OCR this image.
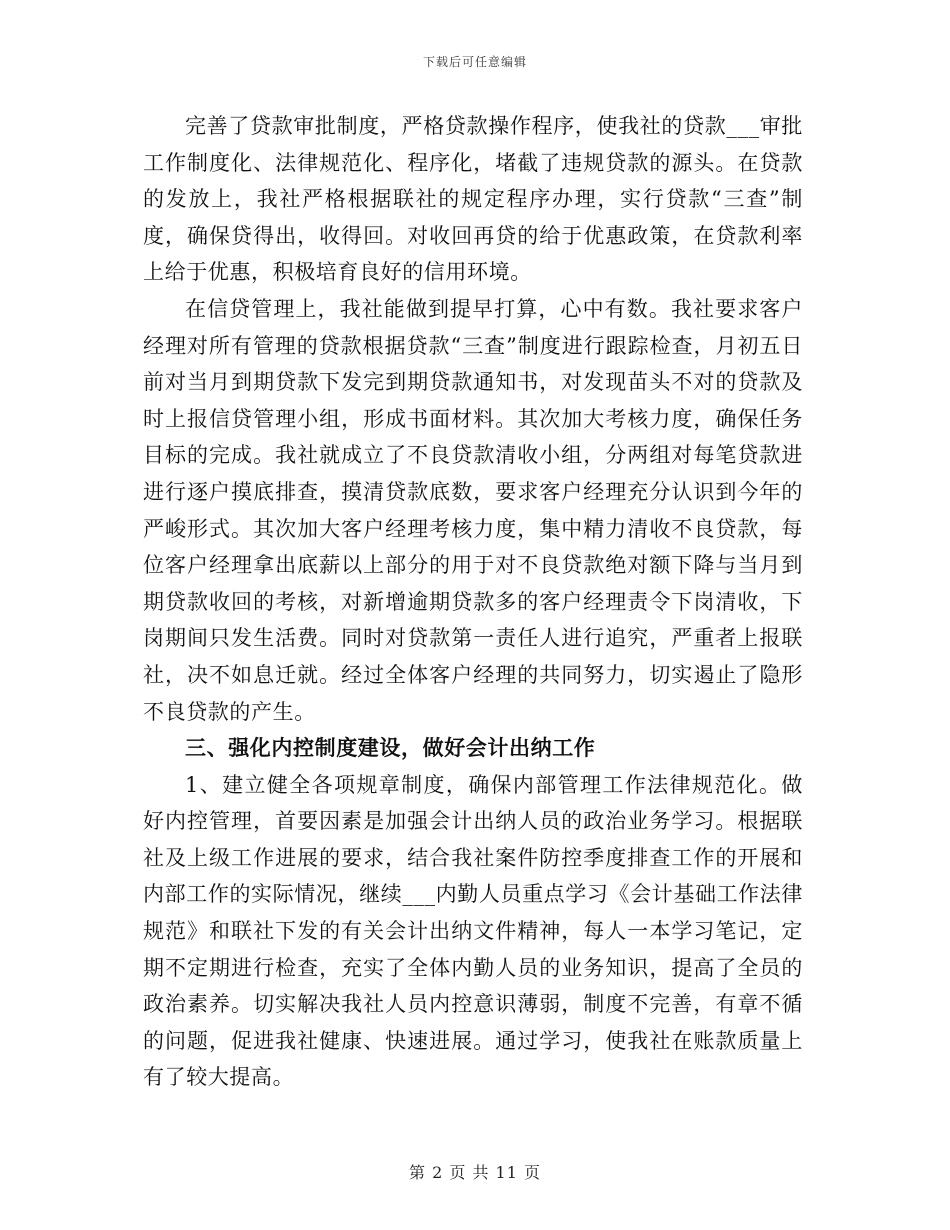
下载后可任意编辑

完善了贷款审批制度，严格贷款操作程序，使我社的贷款___审批工作制度化、法律规范化、程序化，堵截了违规贷款的源头。在贷款的发放上，我社严格根据联社的规定程序办理，实行贷款“三查”制度，确保贷得出，收得回。对收回再贷的给于优惠政策，在贷款利率上给于优惠，积极培育良好的信用环境。

在信贷管理上，我社能做到提早打算，心中有数。我社要求客户经理对所有管理的贷款根据贷款“三查”制度进行跟踪检查，月初五日前对当月到期贷款下发完到期贷款通知书，对发现苗头不对的贷款及时上报信贷管理小组，形成书面材料。其次加大考核力度，确保任务目标的完成。我社就成立了不良贷款清收小组，分两组对每笔贷款进进行逐户摸底排查，摸清贷款底数，要求客户经理充分认识到今年的严峻形式。其次加大客户经理考核力度，集中精力清收不良贷款，每位客户经理拿出底薪以上部分的用于对不良贷款绝对额下降与当月到期贷款收回的考核，对新增逾期贷款多的客户经理责令下岗清收，下岗期间只发生活费。同时对贷款第一责任人进行追究，严重者上报联社，决不如息迁就。经过全体客户经理的共同努力，切实遏止了隐形不良贷款的产生。

三、强化内控制度建设，做好会计出纳工作

1、建立健全各项规章制度，确保内部管理工作法律规范化。做好内控管理，首要因素是加强会计出纳人员的政治业务学习。根据联社及上级工作进展的要求，结合我社案件防控季度排查工作的开展和内部工作的实际情况，继续___内勤人员重点学习《会计基础工作法律规范》和联社下发的有关会计出纳文件精神，每人一本学习笔记，定期不定期进行检查，充实了全体内勤人员的业务知识，提高了全员的政治素养。切实解决我社人员内控意识薄弱，制度不完善，有章不循的问题，促进我社健康、快速进展。通过学习，使我社在账款质量上有了较大提高。

第 2 页 共 11 页
